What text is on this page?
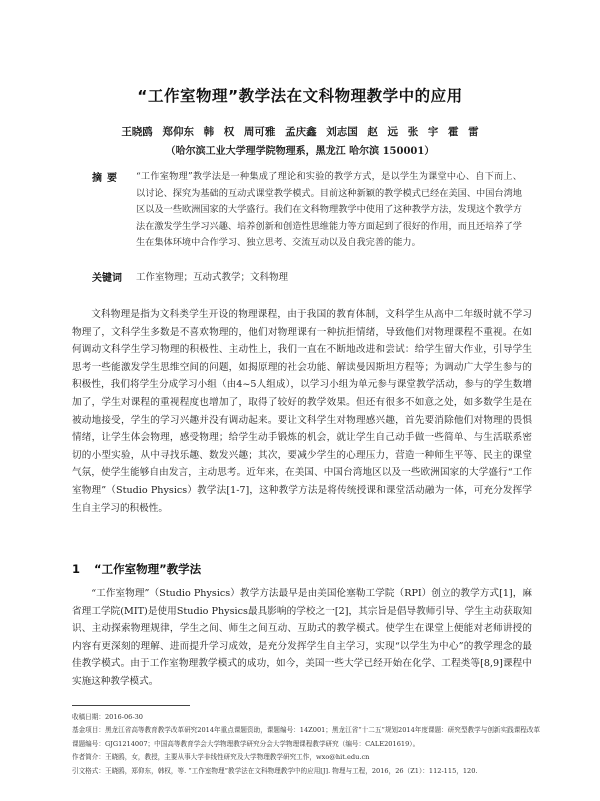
“工作室物理”教学法在文科物理教学中的应用
王晓鸥 郑仰东 韩 权 周可雅 孟庆鑫 刘志国 赵 远 张 宇 霍 雷
（哈尔滨工业大学理学院物理系，黑龙江 哈尔滨 150001）
摘要 “工作室物理”教学法是一种集成了理论和实验的教学方式，是以学生为课堂中心、自下而上、以讨论、探究为基础的互动式课堂教学模式。目前这种新颖的教学模式已经在美国、中国台湾地区以及一些欧洲国家的大学盛行。我们在文科物理教学中使用了这种教学方法，发现这个教学方法在激发学生学习兴趣、培养创新和创造性思维能力等方面起到了很好的作用，而且还培养了学生在集体环境中合作学习、独立思考、交流互动以及自我完善的能力。
关键词 工作室物理；互动式教学；文科物理

文科物理是指为文科类学生开设的物理课程，由于我国的教育体制，文科学生从高中二年级时就不学习物理了，文科学生多数是不喜欢物理的，他们对物理课有一种抗拒情绪，导致他们对物理课程不重视。在如何调动文科学生学习物理的积极性、主动性上，我们一直在不断地改进和尝试：给学生留大作业，引导学生思考一些能激发学生思维空间的问题，如揭原理的社会功能、解读曼因斯坦方程等；为调动广大学生参与的积极性，我们将学生分成学习小组（由4~5人组成），以学习小组为单元参与课堂教学活动，参与的学生数增加了，学生对课程的重视程度也增加了，取得了较好的教学效果。但还有很多不如意之处，如多数学生是在被动地接受，学生的学习兴趣并没有调动起来。要让文科学生对物理感兴趣，首先要消除他们对物理的畏惧情绪，让学生体会物理，感受物理；给学生动手锻炼的机会，就让学生自己动手做一些简单、与生活联系密切的小型实验，从中寻找乐趣、数发兴趣；其次，要减少学生的心理压力，营造一种师生平等、民主的课堂气氛，使学生能够自由发言，主动思考。近年来，在美国、中国台湾地区以及一些欧洲国家的大学盛行“工作室物理”（Studio Physics）教学法[1-7]，这种教学方法是将传统授课和课堂活动融为一体，可充分发挥学生自主学习的积极性。

1 “工作室物理”教学法

“工作室物理”（Studio Physics）教学方法最早是由美国伦塞勒工学院（RPI）创立的教学方式[1]，麻省理工学院(MIT)是使用Studio Physics最具影响的学校之一[2]，其宗旨是倡导教师引导、学生主动获取知识、主动探索物理规律，学生之间、师生之间互动、互助式的教学模式。使学生在课堂上便能对老师讲授的内容有更深刻的理解、进而提升学习成效，是充分发挥学生自主学习，实现“以学生为中心”的教学理念的最佳教学模式。由于工作室物理教学模式的成功，如今，美国一些大学已经开始在化学、工程类等[8,9]课程中实施这种教学模式。

收稿日期：2016-06-30
基金项目：黑龙江省高等教育教学改革研究2014年重点课题资助，课题编号：14Z001；黑龙江省“十二五”规划2014年度课题：研究型教学与创新实践课程改革
课题编号：GJG1214007；中国高等教育学会大学物理教学研究分会大学物理课程教学研究（编号：CALE201619）。
作者简介：王晓鸥，女，教授，主要从事大学非线性研究及大学物理教学研究工作，wxo@hit.edu.cn
引文格式：王晓鸥，郑仰东，韩权，等. “工作室物理”教学法在文科物理教学中的应用[J]. 物理与工程，2016，26（Z1）：112-115，120.
